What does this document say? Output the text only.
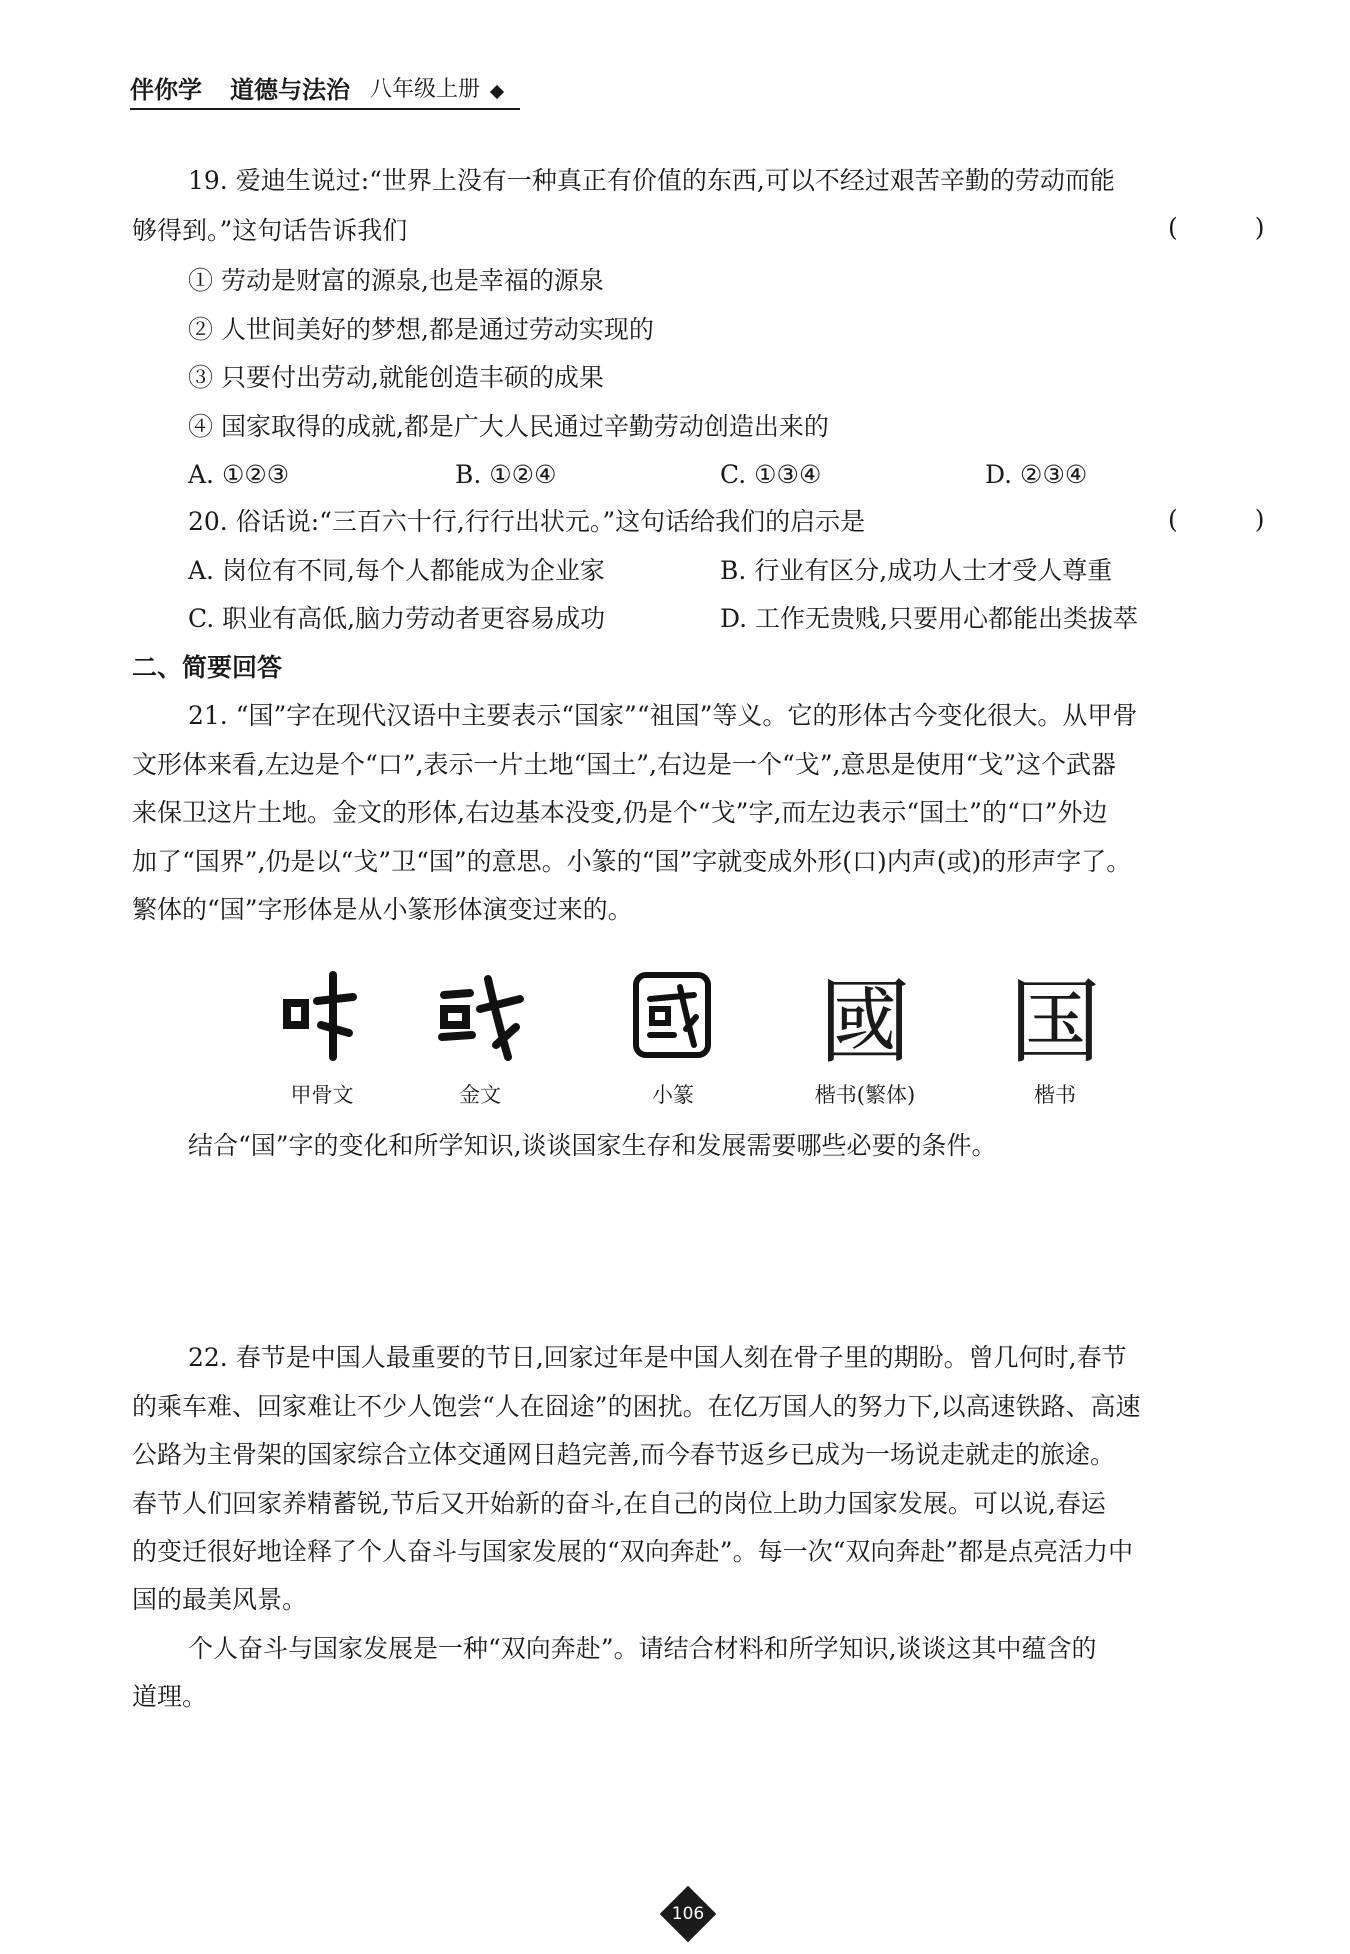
伴你学 道德与法治 八年级上册
19. 爱迪生说过:“世界上没有一种真正有价值的东西,可以不经过艰苦辛勤的劳动而能
够得到。”这句话告诉我们	(　)
① 劳动是财富的源泉,也是幸福的源泉
② 人世间美好的梦想,都是通过劳动实现的
③ 只要付出劳动,就能创造丰硕的成果
④ 国家取得的成就,都是广大人民通过辛勤劳动创造出来的
A. ①②③	B. ①②④	C. ①③④	D. ②③④
20. 俗话说:“三百六十行,行行出状元。”这句话给我们的启示是	(　)
A. 岗位有不同,每个人都能成为企业家	B. 行业有区分,成功人士才受人尊重
C. 职业有高低,脑力劳动者更容易成功	D. 工作无贵贱,只要用心都能出类拔萃
二、简要回答
21. “国”字在现代汉语中主要表示“国家”“祖国”等义。它的形体古今变化很大。从甲骨
文形体来看,左边是个“口”,表示一片土地“国土”,右边是一个“戈”,意思是使用“戈”这个武器
来保卫这片土地。金文的形体,右边基本没变,仍是个“戈”字,而左边表示“国土”的“口”外边
加了“国界”,仍是以“戈”卫“国”的意思。小篆的“国”字就变成外形(口)内声(或)的形声字了。
繁体的“国”字形体是从小篆形体演变过来的。
國 国
甲骨文	金文	小篆	楷书(繁体)	楷书
结合“国”字的变化和所学知识,谈谈国家生存和发展需要哪些必要的条件。
22. 春节是中国人最重要的节日,回家过年是中国人刻在骨子里的期盼。曾几何时,春节
的乘车难、回家难让不少人饱尝“人在囧途”的困扰。在亿万国人的努力下,以高速铁路、高速
公路为主骨架的国家综合立体交通网日趋完善,而今春节返乡已成为一场说走就走的旅途。
春节人们回家养精蓄锐,节后又开始新的奋斗,在自己的岗位上助力国家发展。可以说,春运
的变迁很好地诠释了个人奋斗与国家发展的“双向奔赴”。每一次“双向奔赴”都是点亮活力中
国的最美风景。
个人奋斗与国家发展是一种“双向奔赴”。请结合材料和所学知识,谈谈这其中蕴含的
道理。
106
